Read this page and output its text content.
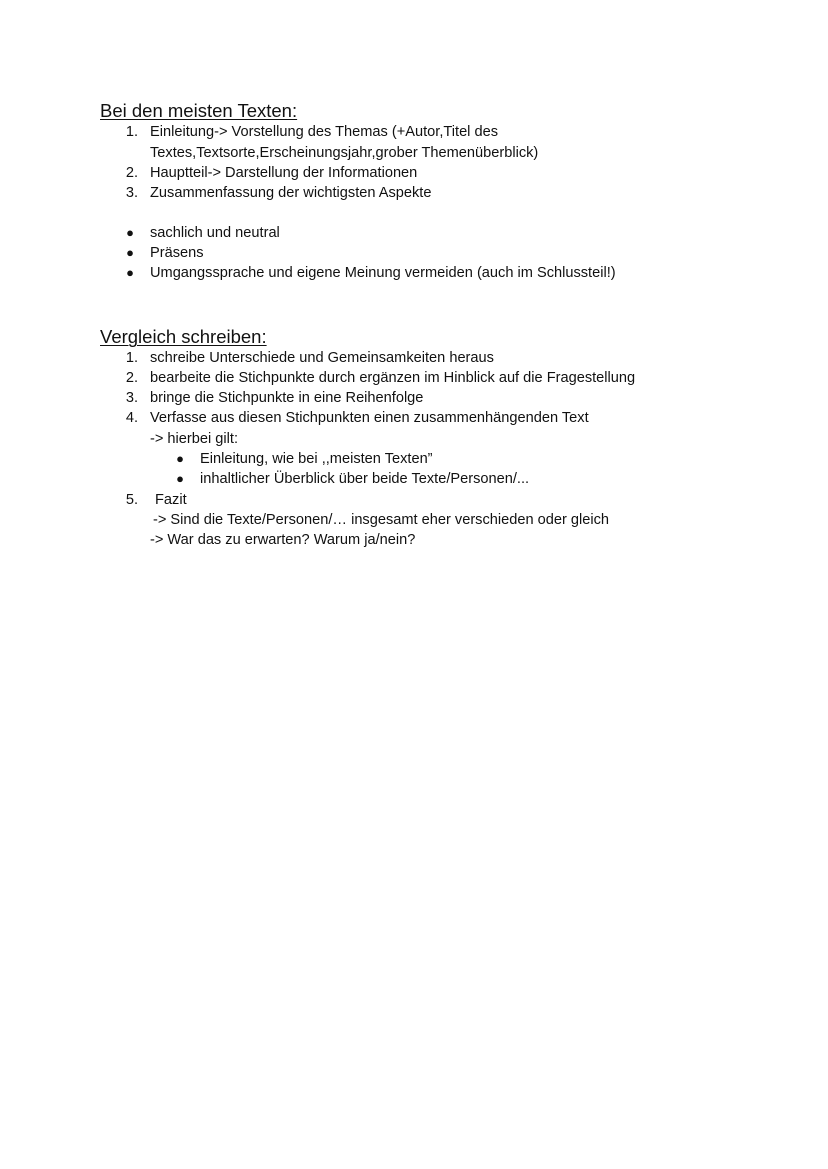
Bei den meisten Texten:
1. Einleitung-> Vorstellung des Themas (+Autor,Titel des
Textes,Textsorte,Erscheinungsjahr,grober Themenüberblick)
2. Hauptteil-> Darstellung der Informationen
3. Zusammenfassung der wichtigsten Aspekte
● sachlich und neutral
● Präsens
● Umgangssprache und eigene Meinung vermeiden (auch im Schlussteil!)
Vergleich schreiben:
1. schreibe Unterschiede und Gemeinsamkeiten heraus
2. bearbeite die Stichpunkte durch ergänzen im Hinblick auf die Fragestellung
3. bringe die Stichpunkte in eine Reihenfolge
4. Verfasse aus diesen Stichpunkten einen zusammenhängenden Text
-> hierbei gilt:
● Einleitung, wie bei ,,meisten Texten”
● inhaltlicher Überblick über beide Texte/Personen/...
5. Fazit
-> Sind die Texte/Personen/… insgesamt eher verschieden oder gleich
-> War das zu erwarten? Warum ja/nein?
